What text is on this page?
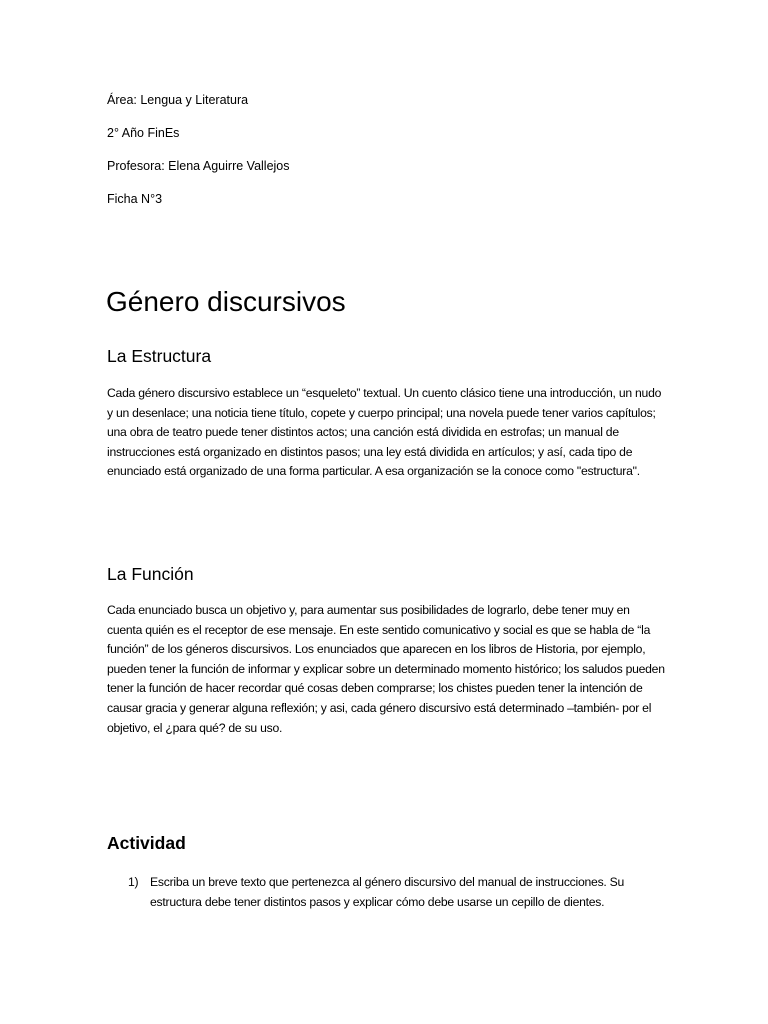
Área: Lengua y Literatura

2° Año FinEs

Profesora: Elena Aguirre Vallejos

Ficha N°3

Género discursivos
La Estructura

Cada género discursivo establece un “esqueleto” textual. Un cuento clásico tiene una introducción, un nudo y un desenlace; una noticia tiene título, copete y cuerpo principal; una novela puede tener varios capítulos; una obra de teatro puede tener distintos actos; una canción está dividida en estrofas; un manual de instrucciones está organizado en distintos pasos; una ley está dividida en artículos; y así, cada tipo de enunciado está organizado de una forma particular. A esa organización se la conoce como "estructura".

La Función

Cada enunciado busca un objetivo y, para aumentar sus posibilidades de lograrlo, debe tener muy en cuenta quién es el receptor de ese mensaje. En este sentido comunicativo y social es que se habla de “la función” de los géneros discursivos. Los enunciados que aparecen en los libros de Historia, por ejemplo, pueden tener la función de informar y explicar sobre un determinado momento histórico; los saludos pueden tener la función de hacer recordar qué cosas deben comprarse; los chistes pueden tener la intención de causar gracia y generar alguna reflexión; y asi, cada género discursivo está determinado –también- por el objetivo, el ¿para qué? de su uso.

Actividad
1) Escriba un breve texto que pertenezca al género discursivo del manual de instrucciones. Su estructura debe tener distintos pasos y explicar cómo debe usarse un cepillo de dientes.
